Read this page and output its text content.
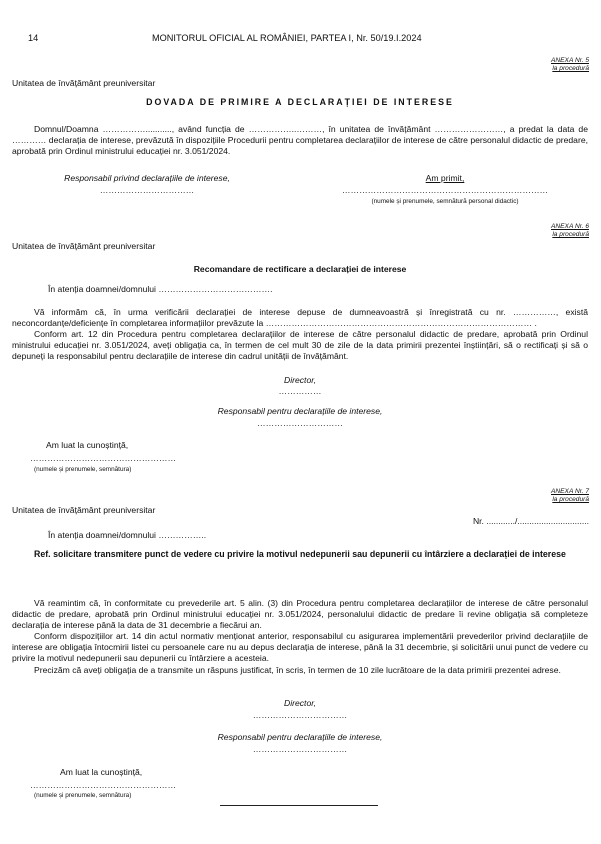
14	MONITORUL OFICIAL AL ROMÂNIEI, PARTEA I, Nr. 50/19.I.2024
ANEXA Nr. 5
la procedură
Unitatea de învățământ preuniversitar
DOVADA DE PRIMIRE A DECLARAȚIEI DE INTERESE

Domnul/Doamna ……………..........., având funcția de ……………..………, în unitatea de învățământ ……………………, a predat la data de ………… declarația de interese, prevăzută în dispozițiile Procedurii pentru completarea declarațiilor de interese de către personalul didactic de predare, aprobată prin Ordinul ministrului educației nr. 3.051/2024.

Responsabil privind declarațiile de interese,
……………………………
Am primit,
………………………………………………………………
(numele și prenumele, semnătură personal didactic)
ANEXA Nr. 6
la procedură
Unitatea de învățământ preuniversitar
Recomandare de rectificare a declarației de interese
În atenția doamnei/domnului ………………………………….

Vă informăm că, în urma verificării declarației de interese depuse de dumneavoastră și înregistrată cu nr. ……………, există neconcordanțe/deficiențe în completarea informațiilor prevăzute la ………………………………………………………………………………… .

Conform art. 12 din Procedura pentru completarea declarațiilor de interese de către personalul didactic de predare, aprobată prin Ordinul ministrului educației nr. 3.051/2024, aveți obligația ca, în termen de cel mult 30 de zile de la data primirii prezentei înștiințări, să o rectificați și să o depuneți la responsabilul pentru declarațiile de interese din cadrul unității de învățământ.

Director,
……………
Responsabil pentru declarațiile de interese,
…………………………
Am luat la cunoștință,
……………………………………………
(numele și prenumele, semnătura)
ANEXA Nr. 7
la procedură
Unitatea de învățământ preuniversitar
În atenția doamnei/domnului ……………..
Nr. ............/..............................

Ref. solicitare transmitere punct de vedere cu privire la motivul nedepunerii sau depunerii cu întârziere a declarației de interese

Vă reamintim că, în conformitate cu prevederile art. 5 alin. (3) din Procedura pentru completarea declarațiilor de interese de către personalul didactic de predare, aprobată prin Ordinul ministrului educației nr. 3.051/2024, personalului didactic de predare îi revine obligația să completeze declarația de interese până la data de 31 decembrie a fiecărui an.

Conform dispozițiilor art. 14 din actul normativ menționat anterior, responsabilul cu asigurarea implementării prevederilor privind declarațiile de interese are obligația întocmirii listei cu persoanele care nu au depus declarația de interese, până la 31 decembrie, și solicitării unui punct de vedere cu privire la motivul nedepunerii sau depunerii cu întârziere a acesteia.

Precizăm că aveți obligația de a transmite un răspuns justificat, în scris, în termen de 10 zile lucrătoare de la data primirii prezentei adrese.

Director,
……………………………
Responsabil pentru declarațiile de interese,
……………………………
Am luat la cunoștință,
……………………………………………
(numele și prenumele, semnătura)
